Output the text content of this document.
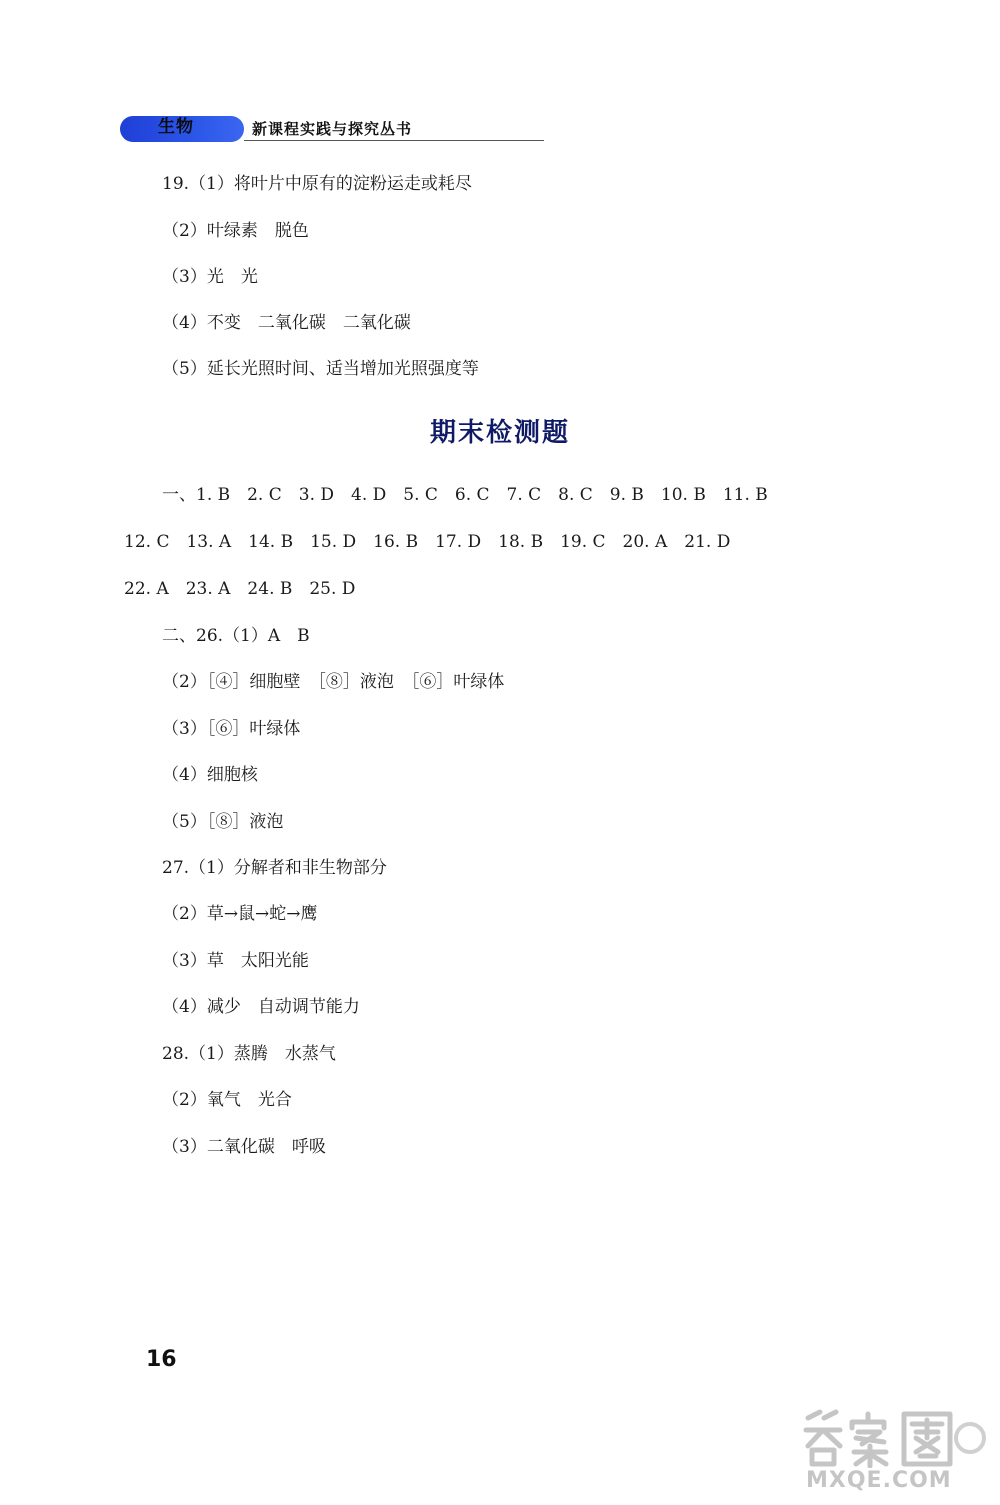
生物	新课程实践与探究丛书
19.（1）将叶片中原有的淀粉运走或耗尽
（2）叶绿素　脱色
（3）光　光
（4）不变　二氧化碳　二氧化碳
（5）延长光照时间、适当增加光照强度等
期末检测题
一、1. B　2. C　3. D　4. D　5. C　6. C　7. C　8. C　9. B　10. B　11. B
12. C　13. A　14. B　15. D　16. B　17. D　18. B　19. C　20. A　21. D
22. A　23. A　24. B　25. D
二、26.（1）A　B
（2）［④］细胞壁　［⑧］液泡　［⑥］叶绿体
（3）［⑥］叶绿体
（4）细胞核
（5）［⑧］液泡
27.（1）分解者和非生物部分
（2）草→鼠→蛇→鹰
（3）草　太阳光能
（4）减少　自动调节能力
28.（1）蒸腾　水蒸气
（2）氧气　光合
（3）二氧化碳　呼吸
16
MXQE.COM
